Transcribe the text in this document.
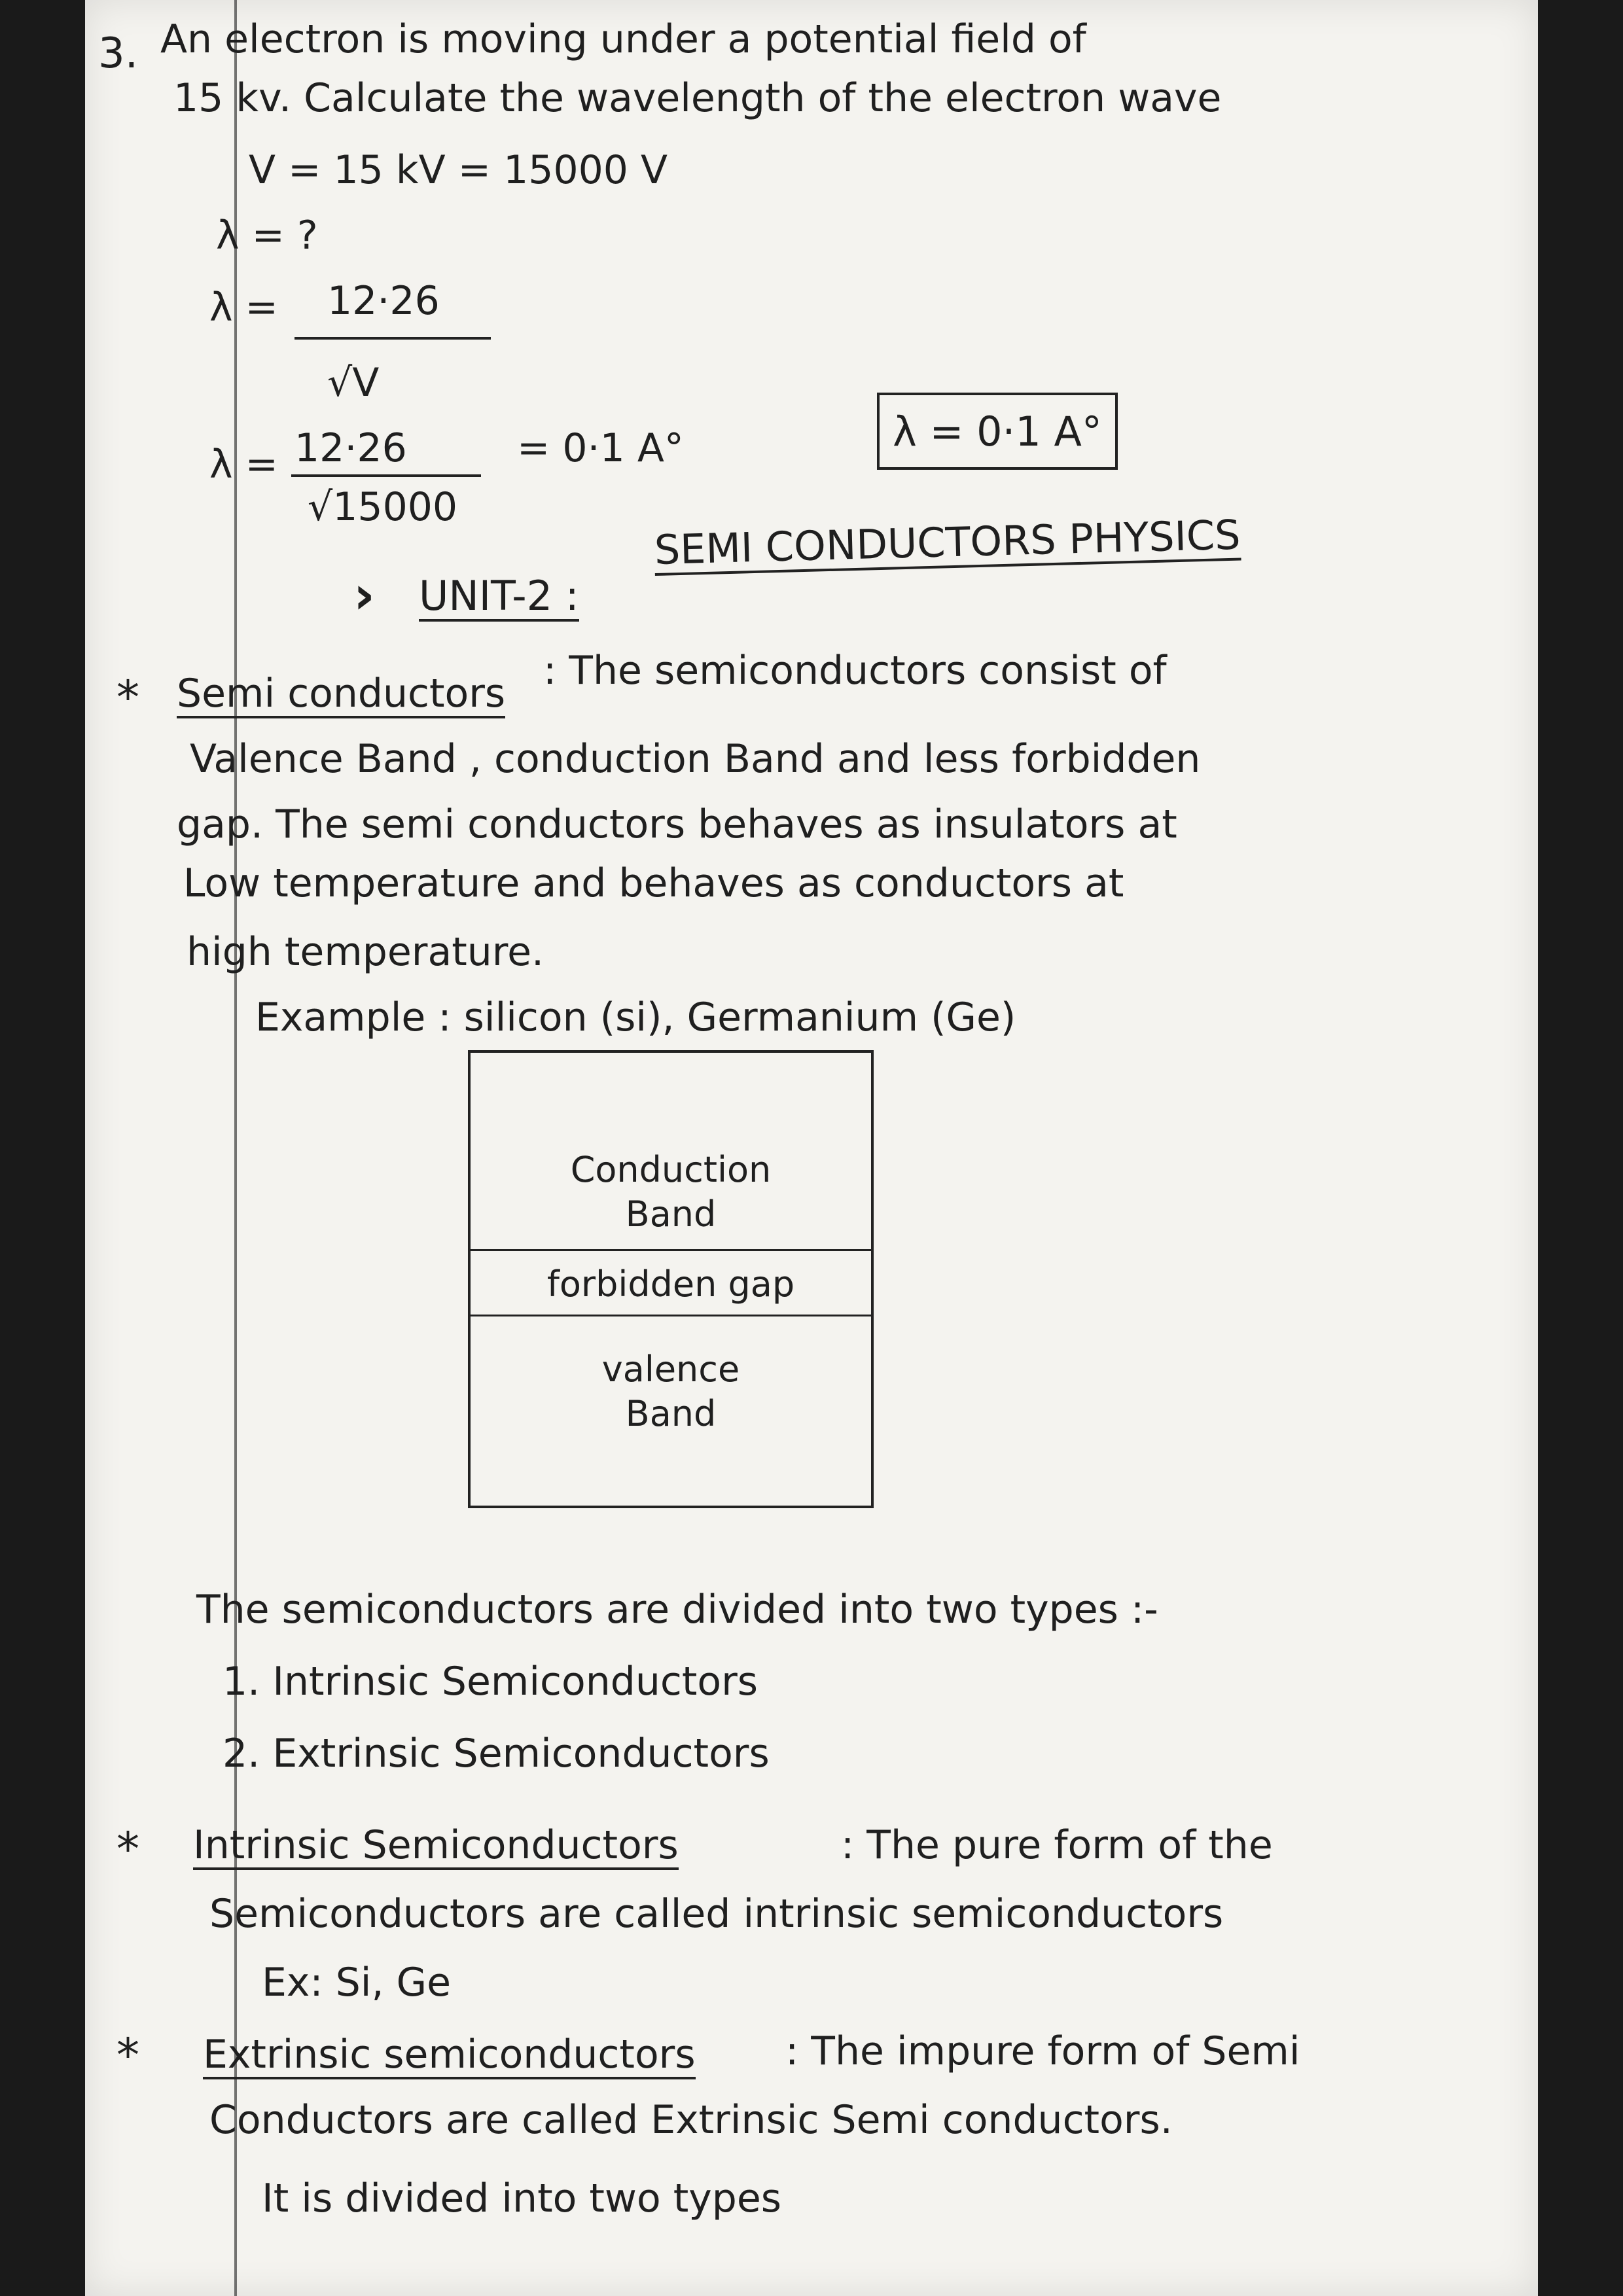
3. An electron is moving under a potential field of
15 kv. Calculate the wavelength of the electron wave
V = 15 kV = 15000 V
λ = ?
λ = 12·26
√V
λ = 12·26
√15000
= 0·1 A°	λ = 0·1 A°
› UNIT-2 :
SEMI CONDUCTORS PHYSICS
* Semi conductors : The semiconductors consist of
Valence Band , conduction Band and less forbidden
gap. The semi conductors behaves as insulators at
Low temperature and behaves as conductors at
high temperature.
Example : silicon (si), Germanium (Ge)
Conduction
Band
forbidden gap
valence
Band
The semiconductors are divided into two types :-
1. Intrinsic Semiconductors
2. Extrinsic Semiconductors
* Intrinsic Semiconductors	: The pure form of the
Semiconductors are called intrinsic semiconductors
Ex: Si, Ge
* Extrinsic semiconductors : The impure form of Semi
Conductors are called Extrinsic Semi conductors.
It is divided into two types
